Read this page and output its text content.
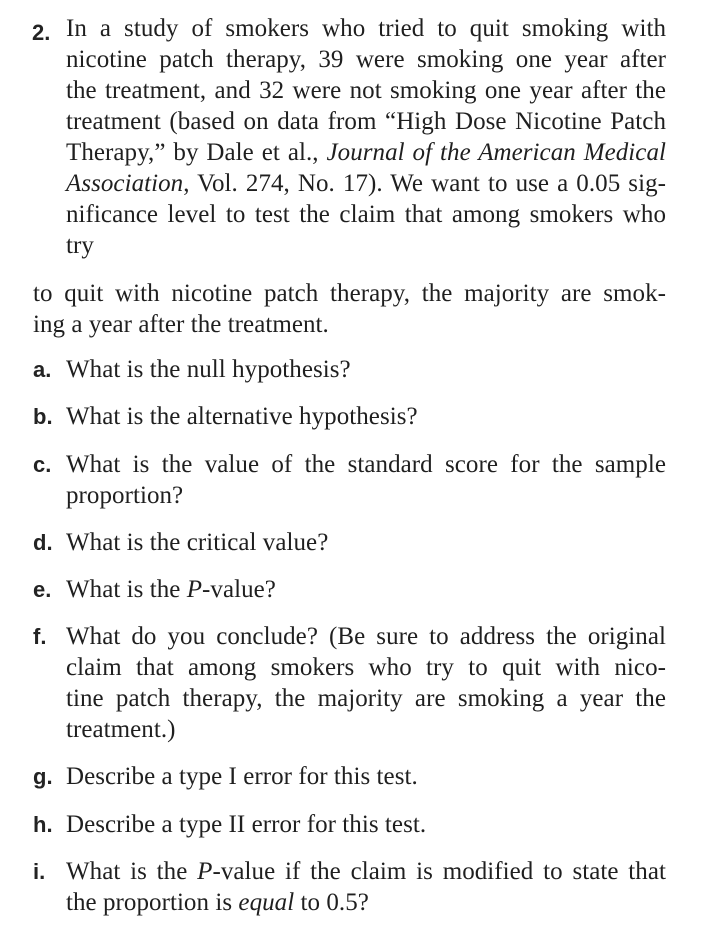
2. In a study of smokers who tried to quit smoking with
nicotine patch therapy, 39 were smoking one year after
the treatment, and 32 were not smoking one year after the
treatment (based on data from “High Dose Nicotine Patch
Therapy,” by Dale et al., Journal of the American Medical
Association, Vol. 274, No. 17). We want to use a 0.05 sig-
nificance level to test the claim that among smokers who try
to quit with nicotine patch therapy, the majority are smok-
ing a year after the treatment.
a. What is the null hypothesis?
b. What is the alternative hypothesis?
c. What is the value of the standard score for the sample
proportion?
d. What is the critical value?
e. What is the P-value?
f. What do you conclude? (Be sure to address the original
claim that among smokers who try to quit with nico-
tine patch therapy, the majority are smoking a year the
treatment.)
g. Describe a type I error for this test.
h. Describe a type II error for this test.
i. What is the P-value if the claim is modified to state that
the proportion is equal to 0.5?
